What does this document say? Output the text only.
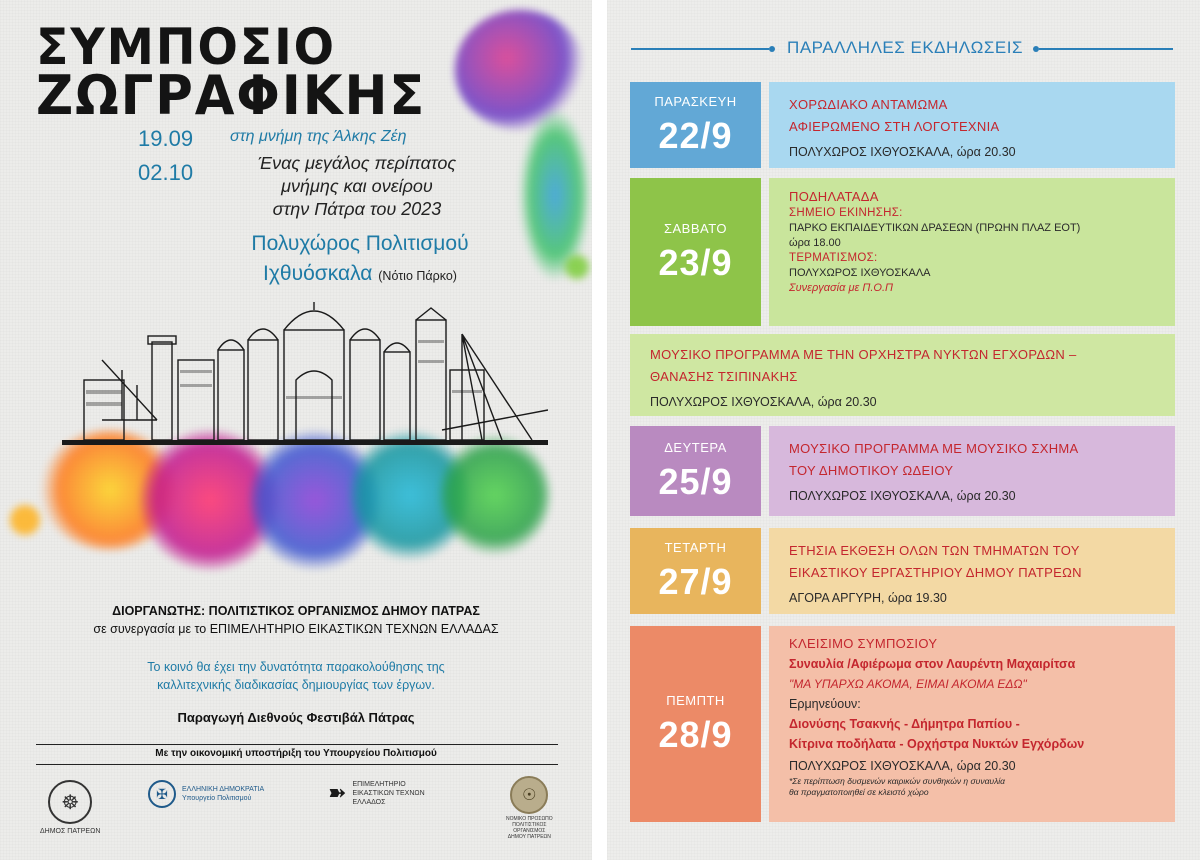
ΣΥΜΠΟΣΙΟ
ΖΩΓΡΑΦΙΚΗΣ
19.09
02.10
στη μνήμη της Άλκης Ζέη
Ένας μεγάλος περίπατος
μνήμης και ονείρου
στην Πάτρα του 2023
Πολυχώρος Πολιτισμού
Ιχθυόσκαλα (Νότιο Πάρκο)
ΔΙΟΡΓΑΝΩΤΗΣ: ΠΟΛΙΤΙΣΤΙΚΟΣ ΟΡΓΑΝΙΣΜΟΣ ΔΗΜΟΥ ΠΑΤΡΑΣ
σε συνεργασία με το ΕΠΙΜΕΛΗΤΗΡΙΟ ΕΙΚΑΣΤΙΚΩΝ ΤΕΧΝΩΝ ΕΛΛΑΔΑΣ
Το κοινό θα έχει την δυνατότητα παρακολούθησης της
καλλιτεχνικής διαδικασίας δημιουργίας των έργων.
Παραγωγή Διεθνούς Φεστιβάλ Πάτρας
Με την οικονομική υποστήριξη του Υπουργείου Πολιτισμού
☸
ΔΗΜΟΣ ΠΑΤΡΕΩΝ
✠	ΕΛΛΗΝΙΚΗ ΔΗΜΟΚΡΑΤΙΑ
Υπουργείο Πολιτισμού	➽ ΕΠΙΜΕΛΗΤΗΡΙΟ
ΕΙΚΑΣΤΙΚΩΝ ΤΕΧΝΩΝ
ΕΛΛΑΔΟΣ	☉
ΝΟΜΙΚΟ ΠΡΟΣΩΠΟ
ΠΟΛΙΤΙΣΤΙΚΟΣ
ΟΡΓΑΝΙΣΜΟΣ
ΔΗΜΟΥ ΠΑΤΡΕΩΝ
ΠΑΡΑΛΛΗΛΕΣ ΕΚΔΗΛΩΣΕΙΣ
ΠΑΡΑΣΚΕΥΗ
22/9
ΧΟΡΩΔΙΑΚΟ ΑΝΤΑΜΩΜΑ
ΑΦΙΕΡΩΜΕΝΟ ΣΤΗ ΛΟΓΟΤΕΧΝΙΑ
ΠΟΛΥΧΩΡΟΣ ΙΧΘΥΟΣΚΑΛΑ, ώρα 20.30
ΣΑΒΒΑΤΟ
23/9
ΠΟΔΗΛΑΤΑΔΑ
ΣΗΜΕΙΟ ΕΚΙΝΗΣΗΣ:
ΠΑΡΚΟ ΕΚΠΑΙΔΕΥΤΙΚΩΝ ΔΡΑΣΕΩΝ (ΠΡΩΗΝ ΠΛΑΖ ΕΟΤ)
ώρα 18.00
ΤΕΡΜΑΤΙΣΜΟΣ:
ΠΟΛΥΧΩΡΟΣ ΙΧΘΥΟΣΚΑΛΑ
Συνεργασία με Π.Ο.Π
ΜΟΥΣΙΚΟ ΠΡΟΓΡΑΜΜΑ ΜΕ ΤΗΝ ΟΡΧΗΣΤΡΑ ΝΥΚΤΩΝ ΕΓΧΟΡΔΩΝ –
ΘΑΝΑΣΗΣ ΤΣΙΠΙΝΑΚΗΣ
ΠΟΛΥΧΩΡΟΣ ΙΧΘΥΟΣΚΑΛΑ, ώρα 20.30
ΔΕΥΤΕΡΑ
25/9
ΜΟΥΣΙΚΟ ΠΡΟΓΡΑΜΜΑ ΜΕ ΜΟΥΣΙΚΟ ΣΧΗΜΑ
ΤΟΥ ΔΗΜΟΤΙΚΟΥ ΩΔΕΙΟΥ
ΠΟΛΥΧΩΡΟΣ ΙΧΘΥΟΣΚΑΛΑ, ώρα 20.30
ΤΕΤΑΡΤΗ
27/9
ΕΤΗΣΙΑ ΕΚΘΕΣΗ ΟΛΩΝ ΤΩΝ ΤΜΗΜΑΤΩΝ ΤΟΥ
ΕΙΚΑΣΤΙΚΟΥ ΕΡΓΑΣΤΗΡΙΟΥ ΔΗΜΟΥ ΠΑΤΡΕΩΝ
ΑΓΟΡΑ ΑΡΓΥΡΗ, ώρα 19.30
ΠΕΜΠΤΗ
28/9
ΚΛΕΙΣΙΜΟ ΣΥΜΠΟΣΙΟΥ
Συναυλία /Αφιέρωμα στον Λαυρέντη Μαχαιρίτσα
"ΜΑ ΥΠΑΡΧΩ ΑΚΟΜΑ, ΕΙΜΑΙ ΑΚΟΜΑ ΕΔΩ"
Ερμηνεύουν:
Διονύσης Τσακνής - Δήμητρα Παπίου -
Κίτρινα ποδήλατα - Ορχήστρα Νυκτών Εγχόρδων
ΠΟΛΥΧΩΡΟΣ ΙΧΘΥΟΣΚΑΛΑ, ώρα 20.30
*Σε περίπτωση δυσμενών καιρικών συνθηκών η συναυλία
θα πραγματοποιηθεί σε κλειστό χώρο
